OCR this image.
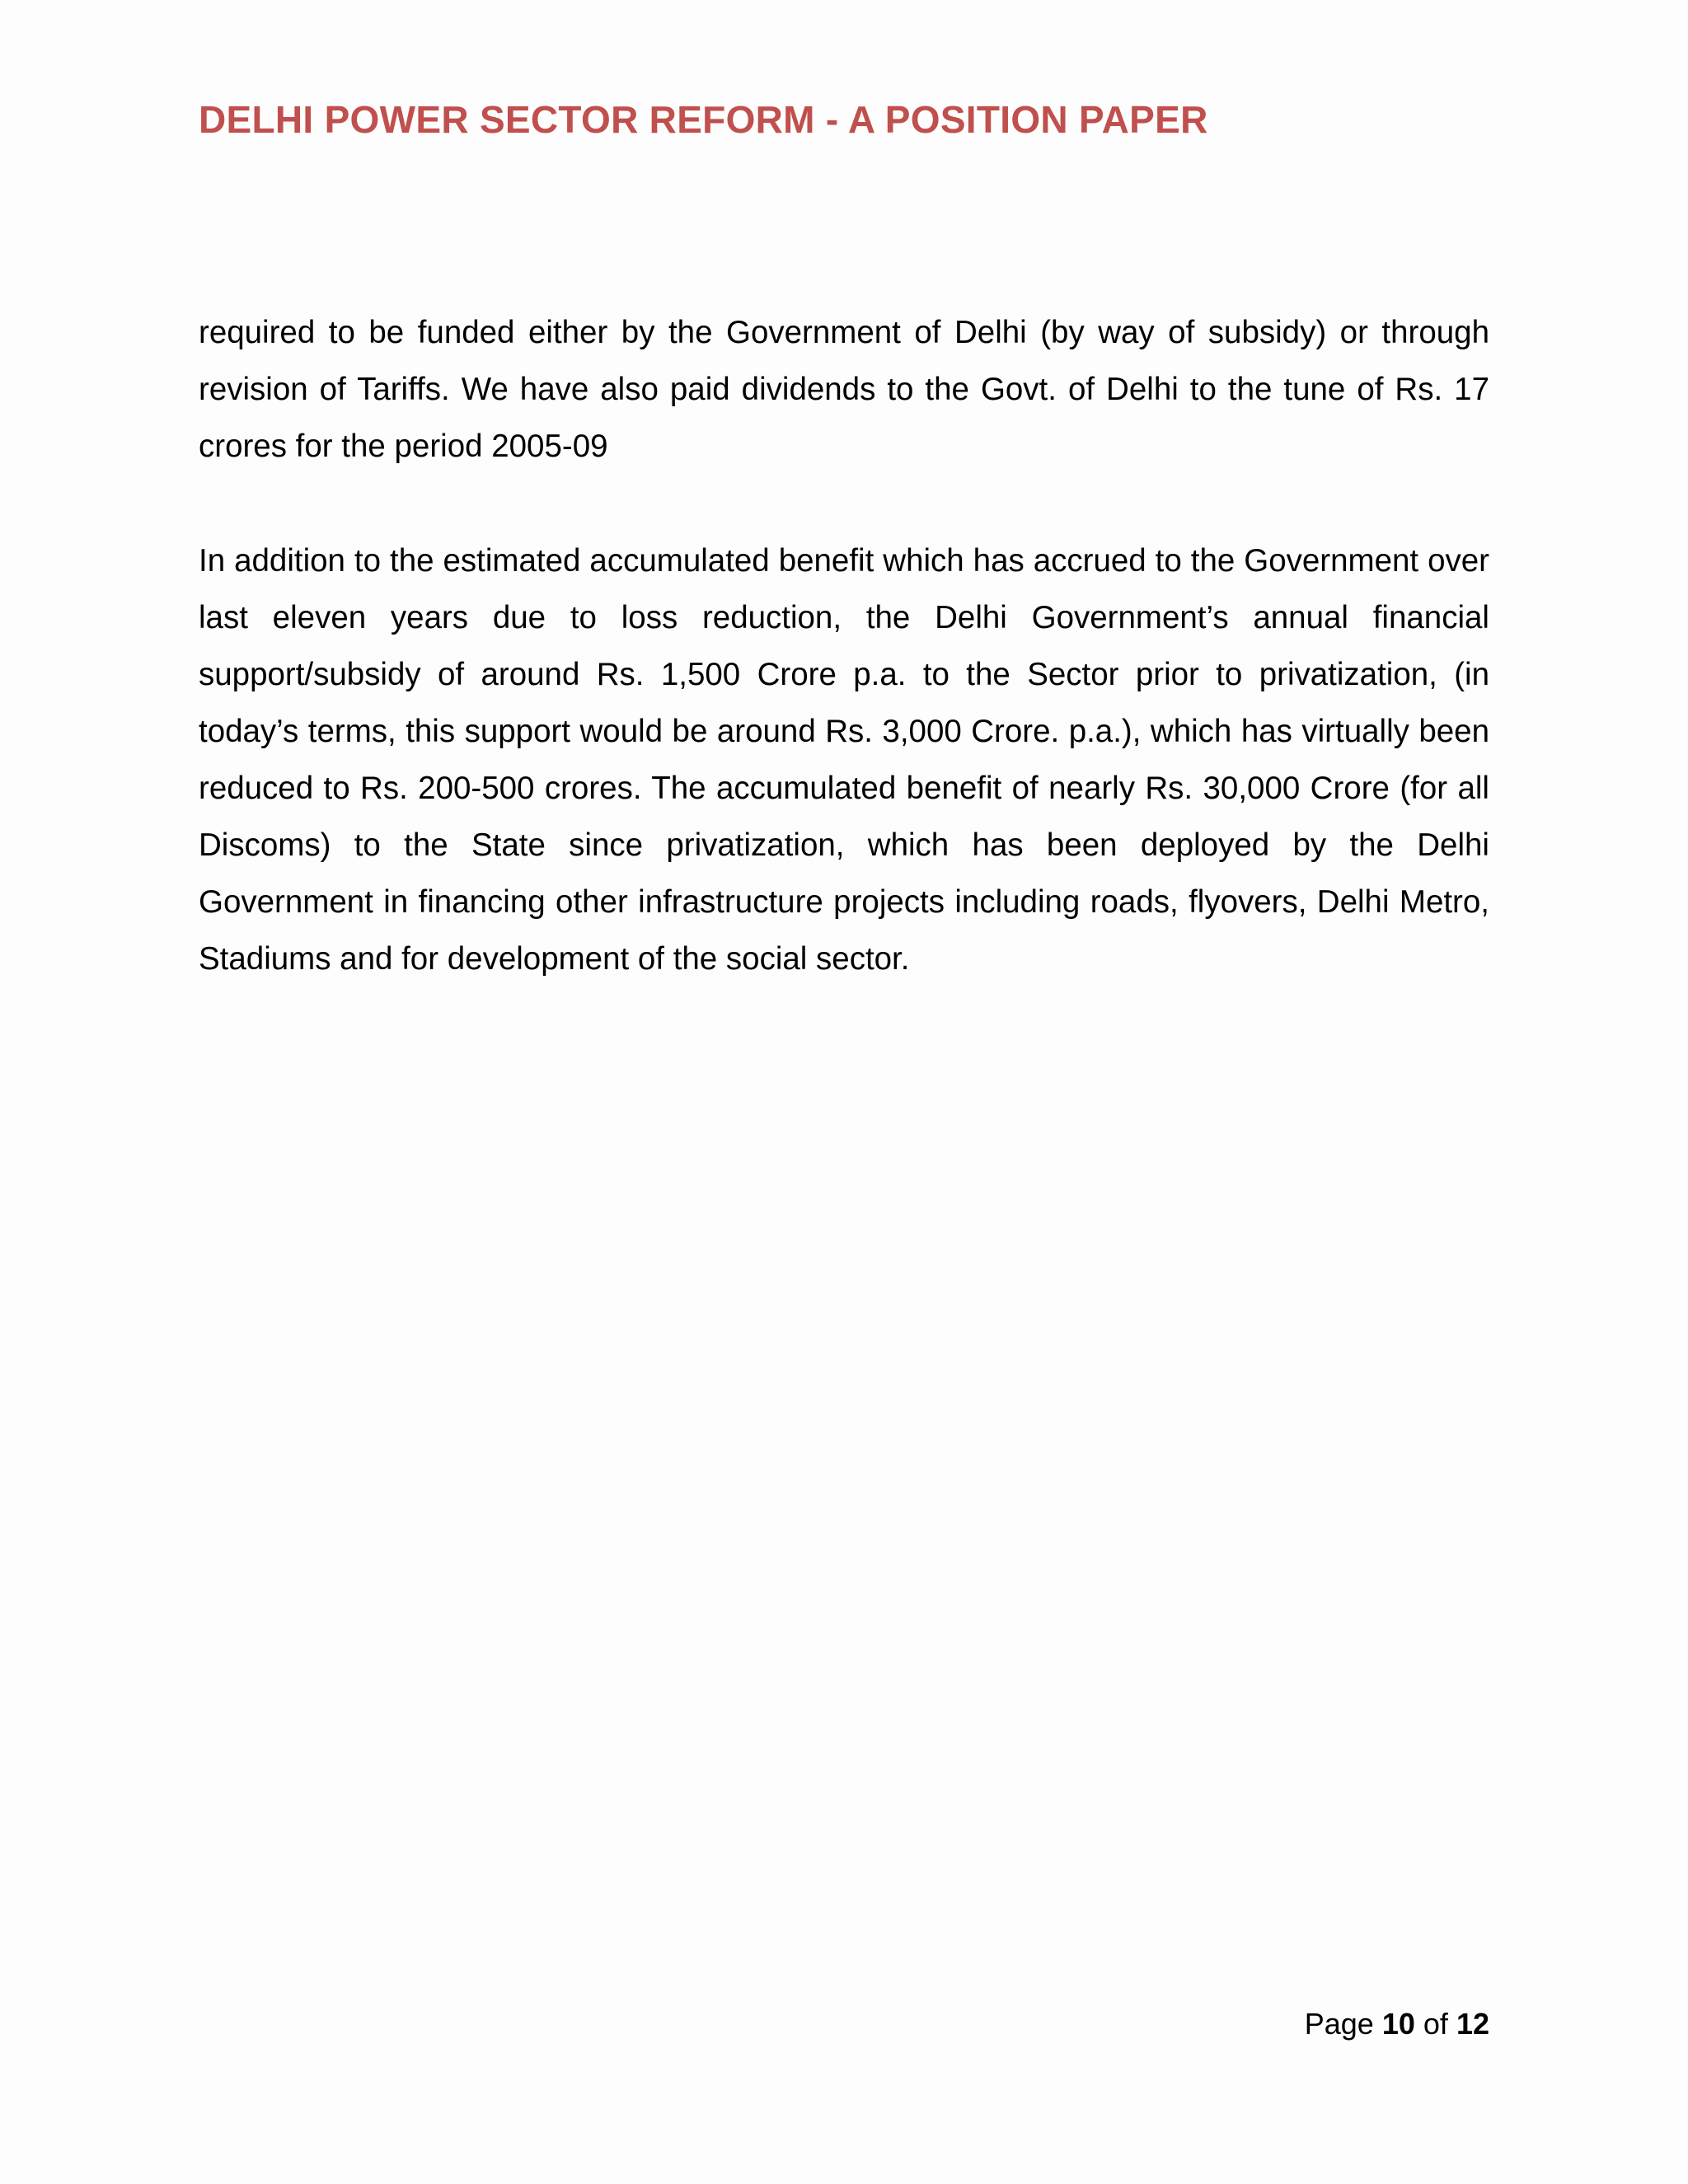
DELHI POWER SECTOR REFORM - A POSITION PAPER

required to be funded either by the Government of Delhi (by way of subsidy) or through revision of Tariffs. We have also paid dividends to the Govt. of Delhi to the tune of Rs. 17 crores for the period 2005-09

In addition to the estimated accumulated benefit which has accrued to the Government over last eleven years due to loss reduction, the Delhi Government’s annual financial support/subsidy of around Rs. 1,500 Crore p.a. to the Sector prior to privatization, (in today’s terms, this support would be around Rs. 3,000 Crore. p.a.), which has virtually been reduced to Rs. 200-500 crores. The accumulated benefit of nearly Rs. 30,000 Crore (for all Discoms) to the State since privatization, which has been deployed by the Delhi Government in financing other infrastructure projects including roads, flyovers, Delhi Metro, Stadiums and for development of the social sector.

Page 10 of 12
